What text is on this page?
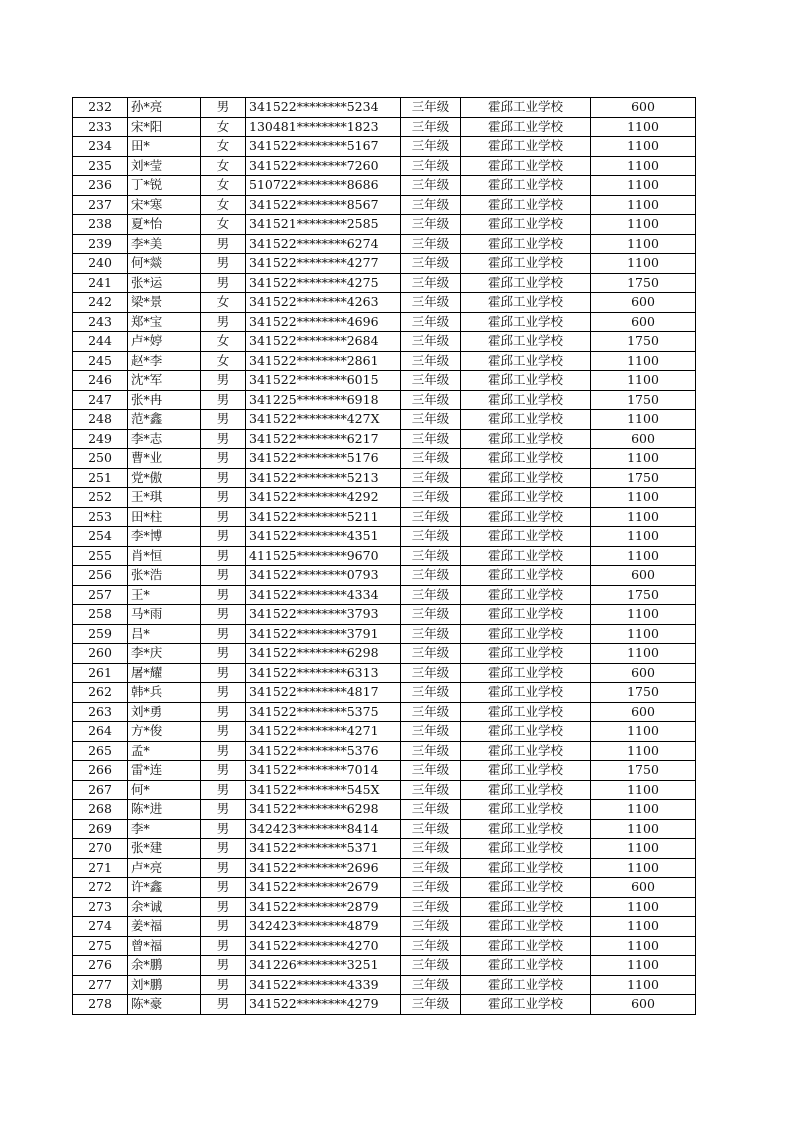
232	孙*亮	男	341522********5234	三年级	霍邱工业学校	600
233	宋*阳	女	130481********1823	三年级	霍邱工业学校	1100
234	田*	女	341522********5167	三年级	霍邱工业学校	1100
235	刘*莹	女	341522********7260	三年级	霍邱工业学校	1100
236	丁*锐	女	510722********8686	三年级	霍邱工业学校	1100
237	宋*寒	女	341522********8567	三年级	霍邱工业学校	1100
238	夏*怡	女	341521********2585	三年级	霍邱工业学校	1100
239	李*美	男	341522********6274	三年级	霍邱工业学校	1100
240	何*燚	男	341522********4277	三年级	霍邱工业学校	1100
241	张*运	男	341522********4275	三年级	霍邱工业学校	1750
242	梁*景	女	341522********4263	三年级	霍邱工业学校	600
243	郑*宝	男	341522********4696	三年级	霍邱工业学校	600
244	卢*婷	女	341522********2684	三年级	霍邱工业学校	1750
245	赵*李	女	341522********2861	三年级	霍邱工业学校	1100
246	沈*军	男	341522********6015	三年级	霍邱工业学校	1100
247	张*冉	男	341225********6918	三年级	霍邱工业学校	1750
248	范*鑫	男	341522********427X	三年级	霍邱工业学校	1100
249	李*志	男	341522********6217	三年级	霍邱工业学校	600
250	曹*业	男	341522********5176	三年级	霍邱工业学校	1100
251	党*傲	男	341522********5213	三年级	霍邱工业学校	1750
252	王*琪	男	341522********4292	三年级	霍邱工业学校	1100
253	田*柱	男	341522********5211	三年级	霍邱工业学校	1100
254	李*博	男	341522********4351	三年级	霍邱工业学校	1100
255	肖*恒	男	411525********9670	三年级	霍邱工业学校	1100
256	张*浩	男	341522********0793	三年级	霍邱工业学校	600
257	王*	男	341522********4334	三年级	霍邱工业学校	1750
258	马*雨	男	341522********3793	三年级	霍邱工业学校	1100
259	吕*	男	341522********3791	三年级	霍邱工业学校	1100
260	李*庆	男	341522********6298	三年级	霍邱工业学校	1100
261	屠*耀	男	341522********6313	三年级	霍邱工业学校	600
262	韩*兵	男	341522********4817	三年级	霍邱工业学校	1750
263	刘*勇	男	341522********5375	三年级	霍邱工业学校	600
264	方*俊	男	341522********4271	三年级	霍邱工业学校	1100
265	孟*	男	341522********5376	三年级	霍邱工业学校	1100
266	雷*连	男	341522********7014	三年级	霍邱工业学校	1750
267	何*	男	341522********545X	三年级	霍邱工业学校	1100
268	陈*进	男	341522********6298	三年级	霍邱工业学校	1100
269	李*	男	342423********8414	三年级	霍邱工业学校	1100
270	张*建	男	341522********5371	三年级	霍邱工业学校	1100
271	卢*亮	男	341522********2696	三年级	霍邱工业学校	1100
272	许*鑫	男	341522********2679	三年级	霍邱工业学校	600
273	余*诚	男	341522********2879	三年级	霍邱工业学校	1100
274	姜*福	男	342423********4879	三年级	霍邱工业学校	1100
275	曾*福	男	341522********4270	三年级	霍邱工业学校	1100
276	余*鹏	男	341226********3251	三年级	霍邱工业学校	1100
277	刘*鹏	男	341522********4339	三年级	霍邱工业学校	1100
278	陈*豪	男	341522********4279	三年级	霍邱工业学校	600
